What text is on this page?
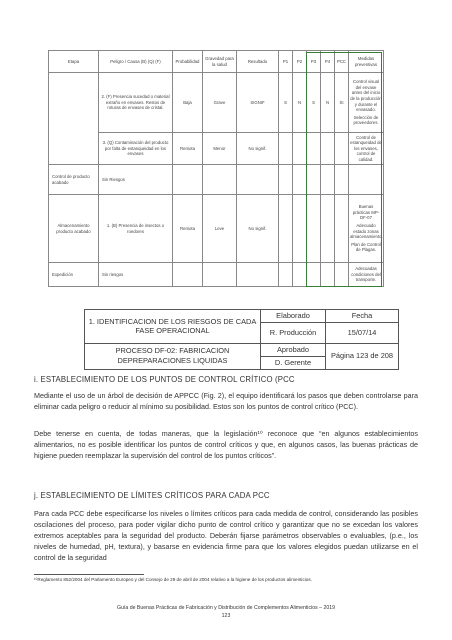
Etapa	Peligro / Causa (B) (Q) (F)	Probabilidad	Gravedad para la salud	Resultado	P1	P2	P3	P4	PCC	Medidas preventivas
	2. (F) Presencia sucedad o material extraño en envases. Restos de roturas de envases de cristal.	Baja	Grave	SIGNIF	S	N	S	N	SI	Control visual del envase antes del inicio de la producción y durante el envasado.
Selección de proveedores.

	3. (Q) Contaminación del producto por falta de estanqueidad en los envases	Remota	Menor	No signif.						Control de estanqueidad de los envases, control de calidad.
Control de producto acabado	Sin Riesgos									
Almacenamiento producto acabado	1. (B) Presencia de insectos o roedores	Remota	Leve	No signif.						Buenas prácticas MP-DF-07
Adecuado estado zonas almacenamiento.
Plan de Control de Plagas.

Expedición	Sin riesgos									Adecuadas condiciones del transporte.
1. IDENTIFICACION DE LOS RIESGOS DE CADA FASE OPERACIONAL	Elaborado	Fecha
	R. Producción	15/07/14
PROCESO DF-02: FABRICACION DEPREPARACIONES LIQUIDAS	Aprobado	Página 123 de 208
	D. Gerente	
i. ESTABLECIMIENTO DE LOS PUNTOS DE CONTROL CRÍTICO (PCC

Mediante el uso de un árbol de decisión de APPCC (Fig. 2), el equipo identificará los pasos que deben controlarse para eliminar cada peligro o reducir al mínimo su posibilidad. Estos son los puntos de control crítico (PCC).

Debe tenerse en cuenta, de todas maneras, que la legislación¹⁰ reconoce que “en algunos establecimientos alimentarios, no es posible identificar los puntos de control críticos y que, en algunos casos, las buenas prácticas de higiene pueden reemplazar la supervisión del control de los puntos críticos”.

j. ESTABLECIMIENTO DE LÍMITES CRÍTICOS PARA CADA PCC

Para cada PCC debe especificarse los niveles o límites críticos para cada medida de control, considerando las posibles oscilaciones del proceso, para poder vigilar dicho punto de control crítico y garantizar que no se excedan los valores extremos aceptables para la seguridad del producto. Deberán fijarse parámetros observables o evaluables, (p.e., los niveles de humedad, pH, textura), y basarse en evidencia firme para que los valores elegidos puedan utilizarse en el control de la seguridad

¹⁰Reglamento 852/2004 del Parlamento Europeo y del Consejo de 29 de abril de 2004 relativo a la higiene de los productos alimenticios.
Guía de Buenas Prácticas de Fabricación y Distribución de Complementos Alimenticios – 2019
123
